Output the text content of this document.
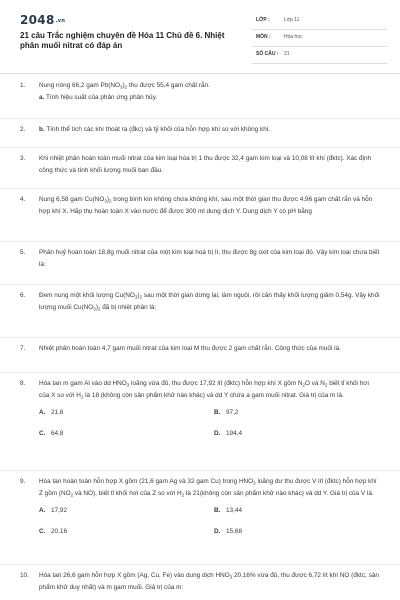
2048.vn
21 câu Trắc nghiệm chuyên đề Hóa 11 Chủ đề 6. Nhiệt phân muối nitrat có đáp án
LỚP :	Lớp 11
MÔN :	Hóa học
SỐ CÂU : 21
1.	Nung nóng 66,2 gam $Pb(NO_3)_2$ thu được 55,4 gam chất rắn.
a. Tính hiệu suất của phản ứng phân hủy.
2.	b. Tính thể tích các khí thoát ra (đkc) và tỷ khối của hỗn hợp khí so với không khí.
3.	Khi nhiệt phân hoàn toàn muối nitrat của kim loại hóa trị 1 thu được 32,4 gam kim loại và 10,08 lít khí (đktc). Xác định công thức và tính khối lượng muối ban đầu.
4.	Nung 6,58 gam $Cu(NO_3)_2$ trong bình kín không chứa không khí, sau một thời gian thu được 4,96 gam chất rắn và hỗn hợp khí X. Hấp thụ hoàn toàn X vào nước để được 300 ml dung dịch Y. Dung dịch Y có pH bằng
5.	Phân huỷ hoàn toàn 18,8g muối nitrat của một kim loại hoá trị II, thu được 8g oxit của kim loại đó. Vậy kim loại chưa biết là:
6.	Đem nung một khối lượng $Cu(NO_3)_2$ sau một thời gian dừng lại, làm nguội, rồi cân thấy khối lượng giảm 0,54g. Vậy khối lượng muối $Cu(NO_3)_2$ đã bị nhiệt phân là:
7.	Nhiệt phân hoàn toàn 4,7 gam muối nitrat của kim loại M thu được 2 gam chất rắn. Công thức của muối là.
8.	Hòa tan m gam Al vào dd $HNO_3$ loãng vừa đủ, thu được 17,92 lít (đktc) hỗn hợp khí X gồm $N_2O$ và $N_2$ biết tỉ khối hơi của X so với $H_2$ là 18 (không còn sản phẩm khử nào khác) và dd Y chứa a gam muối nitrat. Giá trị của m là.
A. 21,6	B. 97,2
C. 64,8	D. 194,4
9.	Hòa tan hoàn toàn hỗn hợp X gồm (21,6 gam Ag và 32 gam Cu) trong $HNO_3$ loãng dư thu được V lít (đktc) hỗn hợp khí Z gồm ($NO_2$ và NO), biết tỉ khối hơi của Z so với $H_2$ là 21(không còn sản phẩm khử nào khác) và dd Y. Giá trị của V là.
A. 17,92	B. 13,44
C. 20,16	D. 15,68
10.	Hòa tan 26,6 gam hỗn hợp X gồm (Ag, Cu, Fe) vào dung dịch $HNO_3$ 20,16% vừa đủ, thu được 6,72 lít khí NO (đktc, sản phẩm khử duy nhất) và m gam muối. Giá trị của m:
